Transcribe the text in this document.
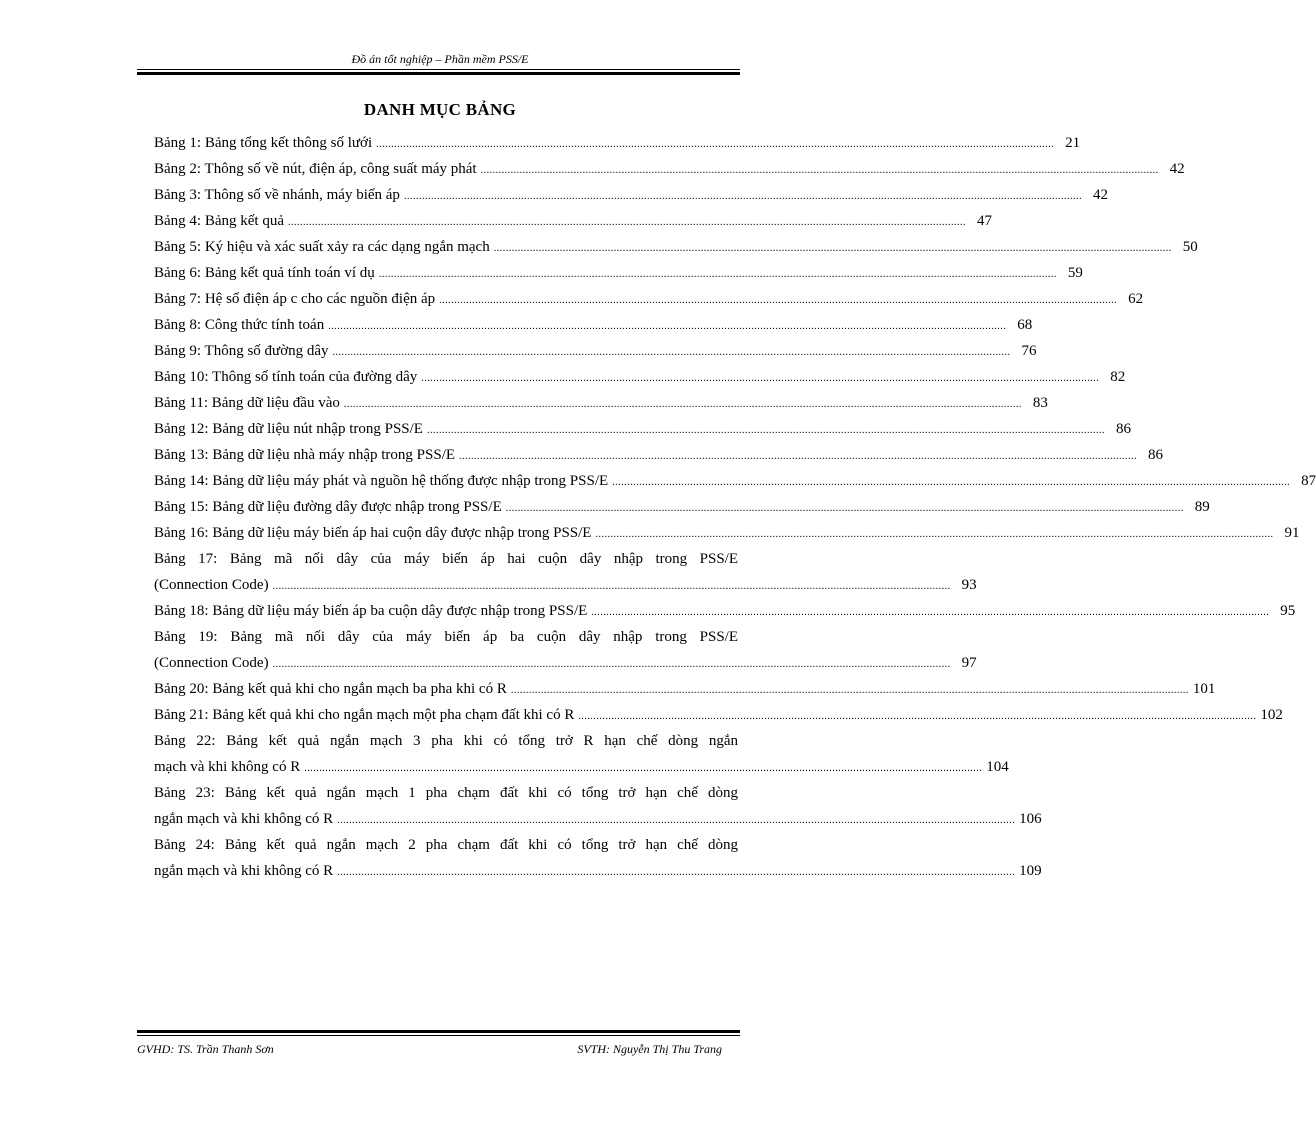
Đồ án tốt nghiệp – Phần mềm PSS/E
DANH MỤC BẢNG
Bảng 1: Bảng tổng kết thông số lưới .................................................................................................................................................................................................................................. 21
Bảng 2: Thông số về nút, điện áp, công suất máy phát .................................................................................................................................................................................................................................. 42
Bảng 3: Thông số về nhánh, máy biến áp .................................................................................................................................................................................................................................. 42
Bảng 4: Bảng kết quả .................................................................................................................................................................................................................................. 47
Bảng 5: Ký hiệu và xác suất xảy ra các dạng ngắn mạch .................................................................................................................................................................................................................................. 50
Bảng 6: Bảng kết quả tính toán ví dụ .................................................................................................................................................................................................................................. 59
Bảng 7: Hệ số điện áp c cho các nguồn điện áp .................................................................................................................................................................................................................................. 62
Bảng 8: Công thức tính toán .................................................................................................................................................................................................................................. 68
Bảng 9: Thông số đường dây .................................................................................................................................................................................................................................. 76
Bảng 10: Thông số tính toán của đường dây .................................................................................................................................................................................................................................. 82
Bảng 11: Bảng dữ liệu đầu vào .................................................................................................................................................................................................................................. 83
Bảng 12: Bảng dữ liệu nút nhập trong PSS/E .................................................................................................................................................................................................................................. 86
Bảng 13: Bảng dữ liệu nhà máy nhập trong PSS/E .................................................................................................................................................................................................................................. 86
Bảng 14: Bảng dữ liệu máy phát và nguồn hệ thống được nhập trong PSS/E .................................................................................................................................................................................................................................. 87
Bảng 15: Bảng dữ liệu đường dây được nhập trong PSS/E .................................................................................................................................................................................................................................. 89
Bảng 16: Bảng dữ liệu máy biến áp hai cuộn dây được nhập trong PSS/E .................................................................................................................................................................................................................................. 91
Bảng 17: Bảng mã nối dây của máy biến áp hai cuộn dây nhập trong PSS/E
(Connection Code) .................................................................................................................................................................................................................................. 93
Bảng 18: Bảng dữ liệu máy biến áp ba cuộn dây được nhập trong PSS/E .................................................................................................................................................................................................................................. 95
Bảng 19: Bảng mã nối dây của máy biến áp ba cuộn dây nhập trong PSS/E
(Connection Code) .................................................................................................................................................................................................................................. 97
Bảng 20: Bảng kết quả khi cho ngắn mạch ba pha khi có R .................................................................................................................................................................................................................................. 101
Bảng 21: Bảng kết quả khi cho ngắn mạch một pha chạm đất khi có R .................................................................................................................................................................................................................................. 102
Bảng 22: Bảng kết quả ngắn mạch 3 pha khi có tổng trở R hạn chế dòng ngắn
mạch và khi không có R .................................................................................................................................................................................................................................. 104
Bảng 23: Bảng kết quả ngắn mạch 1 pha chạm đất khi có tổng trở hạn chế dòng
ngắn mạch và khi không có R .................................................................................................................................................................................................................................. 106
Bảng 24: Bảng kết quả ngắn mạch 2 pha chạm đất khi có tổng trở hạn chế dòng
ngắn mạch và khi không có R .................................................................................................................................................................................................................................. 109
GVHD: TS. Trần Thanh Sơn	SVTH: Nguyễn Thị Thu Trang
